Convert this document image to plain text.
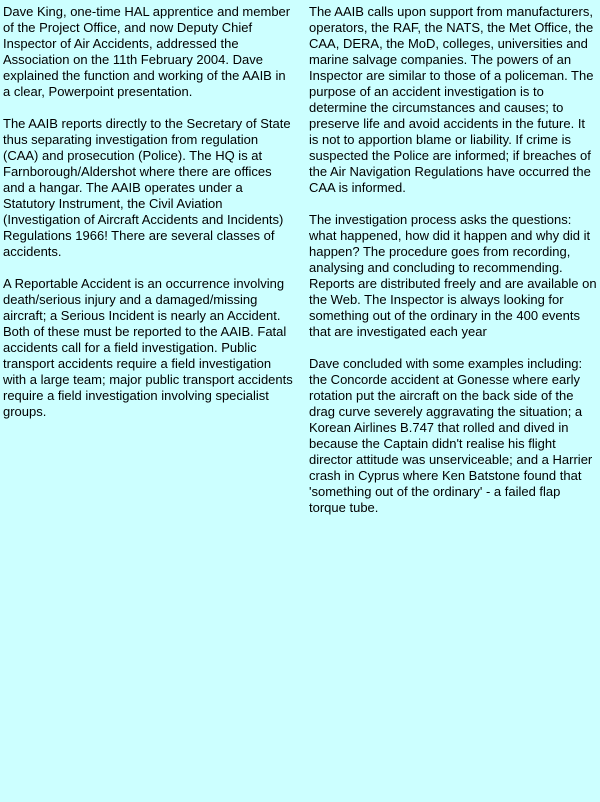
Dave King, one-time HAL apprentice and member of the Project Office, and now Deputy Chief Inspector of Air Accidents, addressed the Association on the 11th February 2004. Dave explained the function and working of the AAIB in a clear, Powerpoint presentation.

The AAIB reports directly to the Secretary of State thus separating investigation from regulation (CAA) and prosecution (Police). The HQ is at Farnborough/Aldershot where there are offices and a hangar. The AAIB operates under a Statutory Instrument, the Civil Aviation (Investigation of Aircraft Accidents and Incidents) Regulations 1966! There are several classes of accidents.

A Reportable Accident is an occurrence involving death/serious injury and a damaged/missing aircraft; a Serious Incident is nearly an Accident. Both of these must be reported to the AAIB. Fatal accidents call for a field investigation. Public transport accidents require a field investigation with a large team; major public transport accidents require a field investigation involving specialist groups.

The AAIB calls upon support from manufacturers, operators, the RAF, the NATS, the Met Office, the CAA, DERA, the MoD, colleges, universities and marine salvage companies. The powers of an Inspector are similar to those of a policeman. The purpose of an accident investigation is to determine the circumstances and causes; to preserve life and avoid accidents in the future. It is not to apportion blame or liability. If crime is suspected the Police are informed; if breaches of the Air Navigation Regulations have occurred the CAA is informed.

The investigation process asks the questions: what happened, how did it happen and why did it happen? The procedure goes from recording, analysing and concluding to recommending. Reports are distributed freely and are available on the Web. The Inspector is always looking for something out of the ordinary in the 400 events that are investigated each year

Dave concluded with some examples including: the Concorde accident at Gonesse where early rotation put the aircraft on the back side of the drag curve severely aggravating the situation; a Korean Airlines B.747 that rolled and dived in because the Captain didn't realise his flight director attitude was unserviceable; and a Harrier crash in Cyprus where Ken Batstone found that 'something out of the ordinary' - a failed flap torque tube.
